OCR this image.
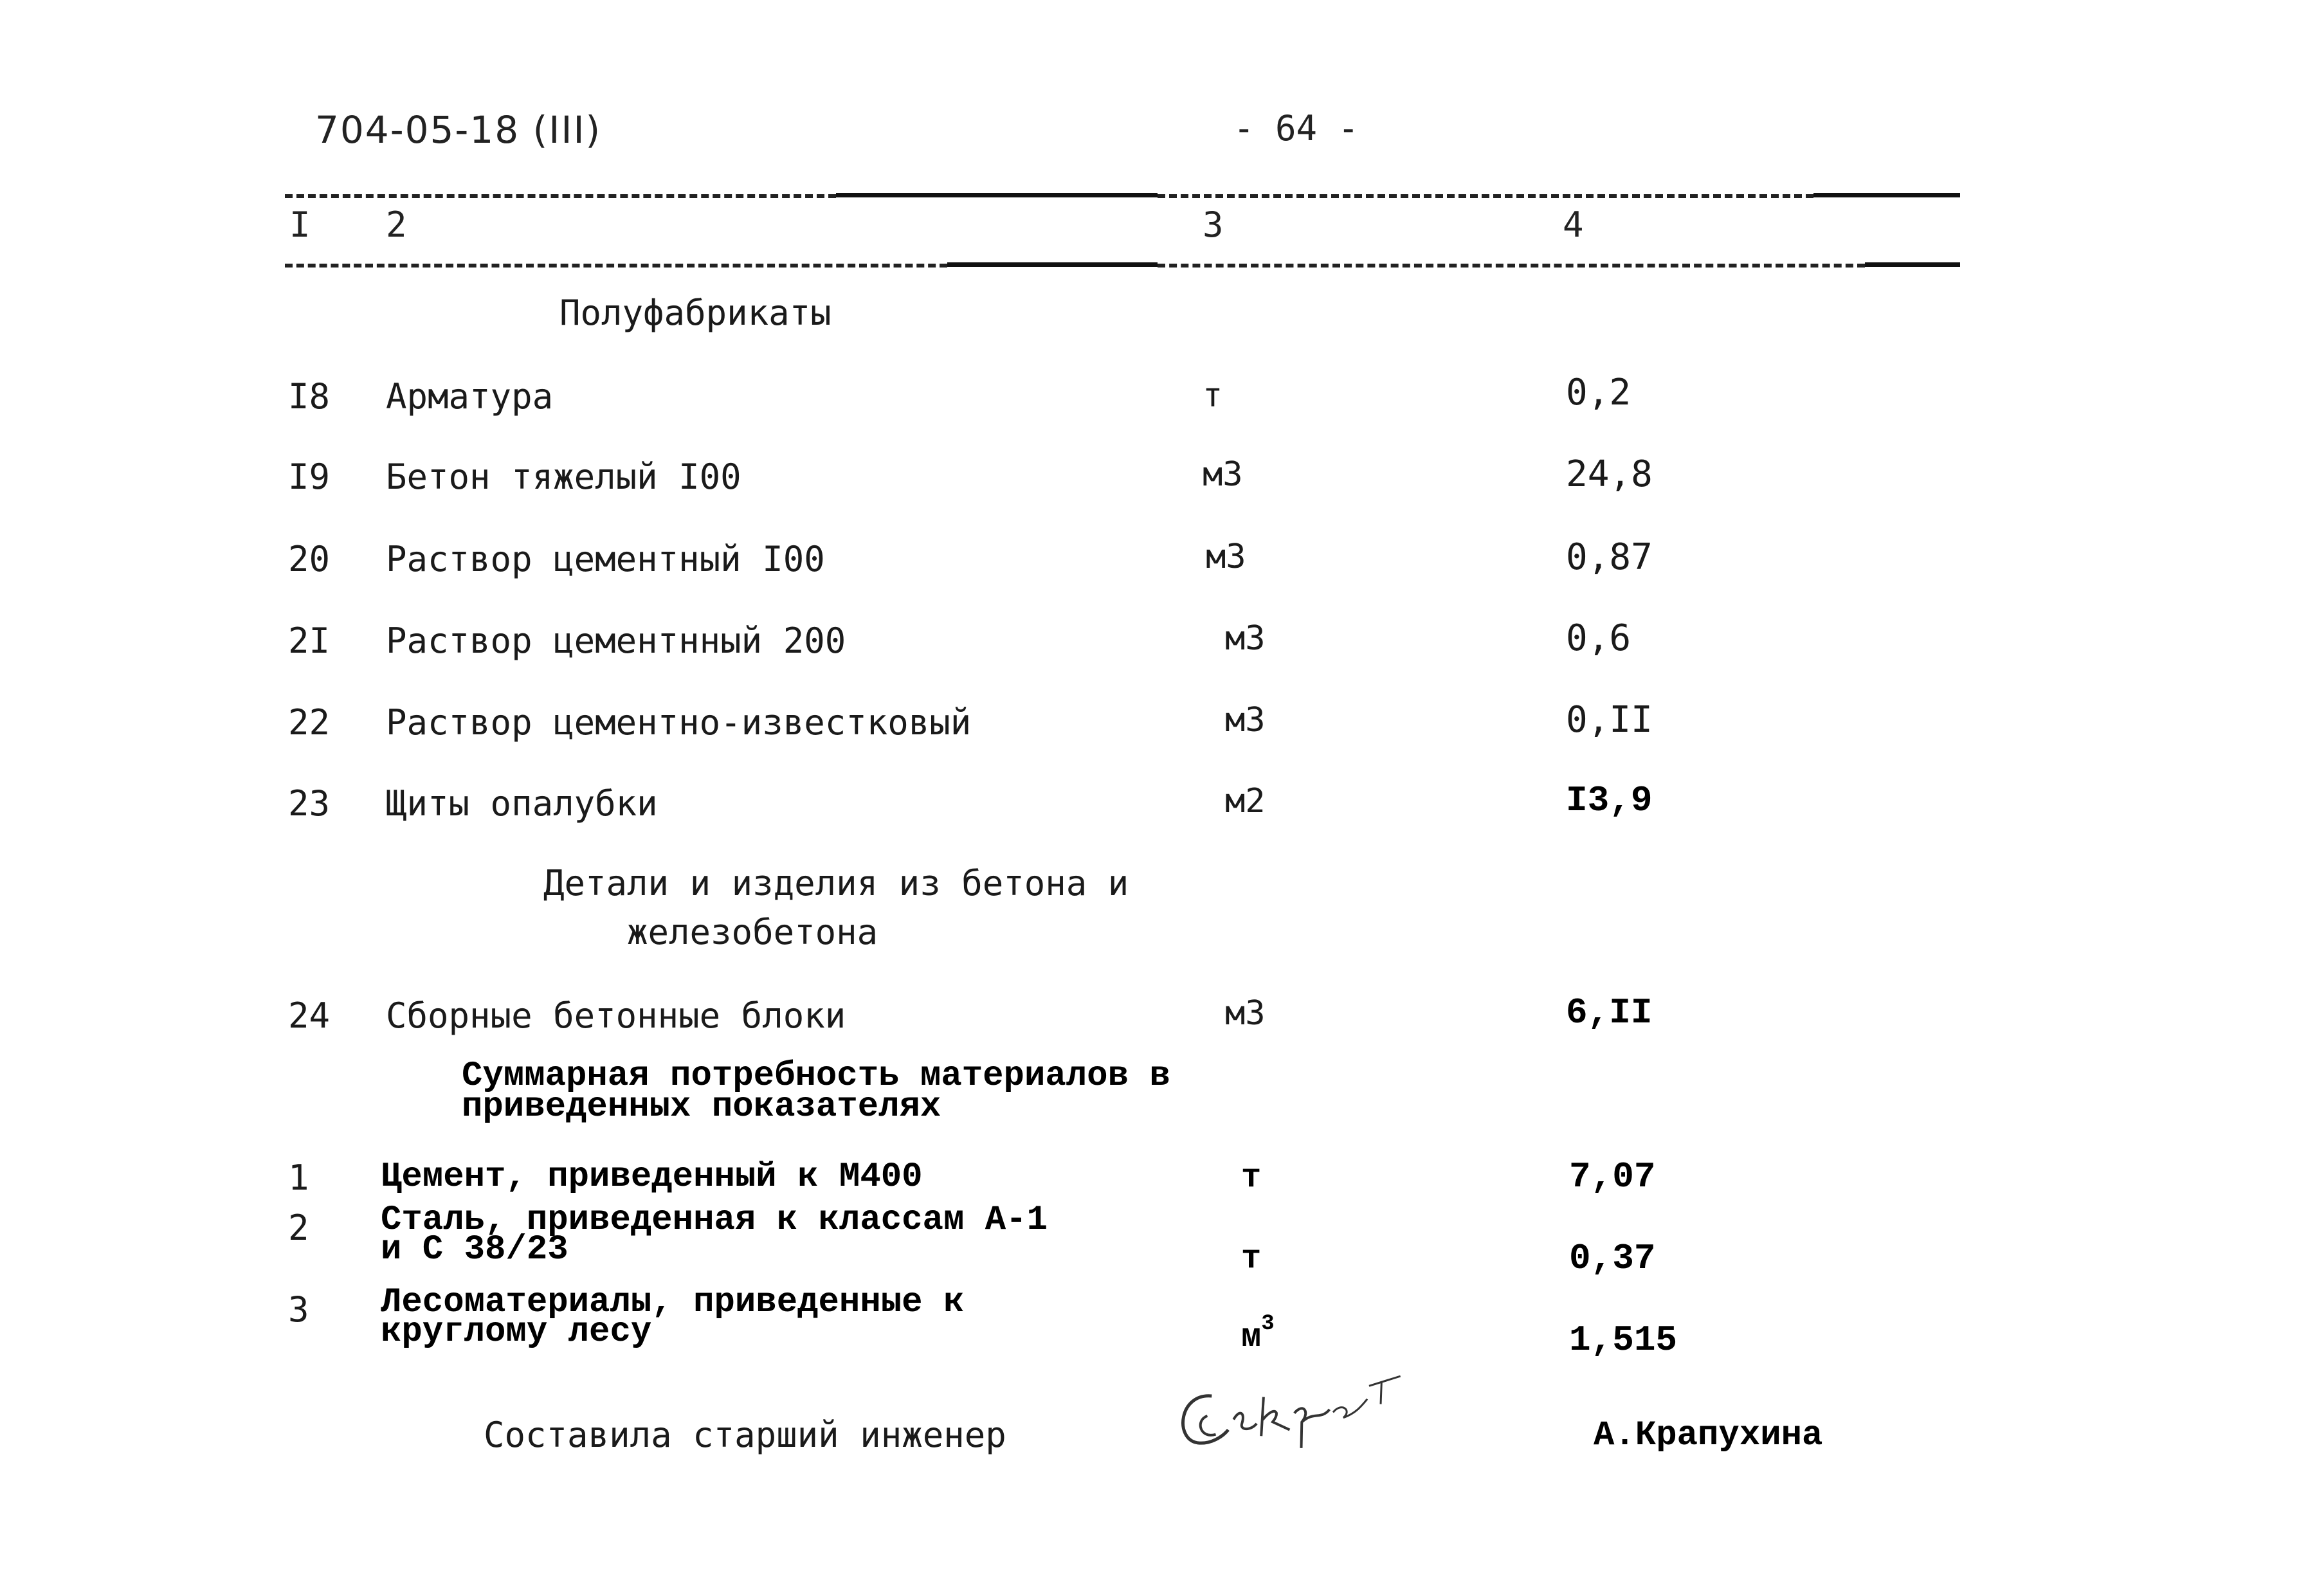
704-05-18 (III)	- 64 -
I 2	3	4
Полуфабрикаты
I8 Арматура	т	0,2
I9 Бетон тяжелый I00	м3	24,8
20 Раствор цементный I00	м3	0,87
2I Раствор цементнный 200	м3	0,6
22 Раствор цементно-известковый	м3	0,II
23 Щиты опалубки	м2	I3,9
Детали и изделия из бетона и
железобетона
24 Сборные бетонные блоки	м3	6,II
Суммарная потребность материалов в
приведенных показателях
1 Цемент, приведенный к М400	т	7,07
2 Сталь, приведенная к классам А-1
и С 38/23	т	0,37
3 Лесоматериалы, приведенные к
круглому лесу	$м^3$	1,515
Составила старший инженер	А.Крапухина
